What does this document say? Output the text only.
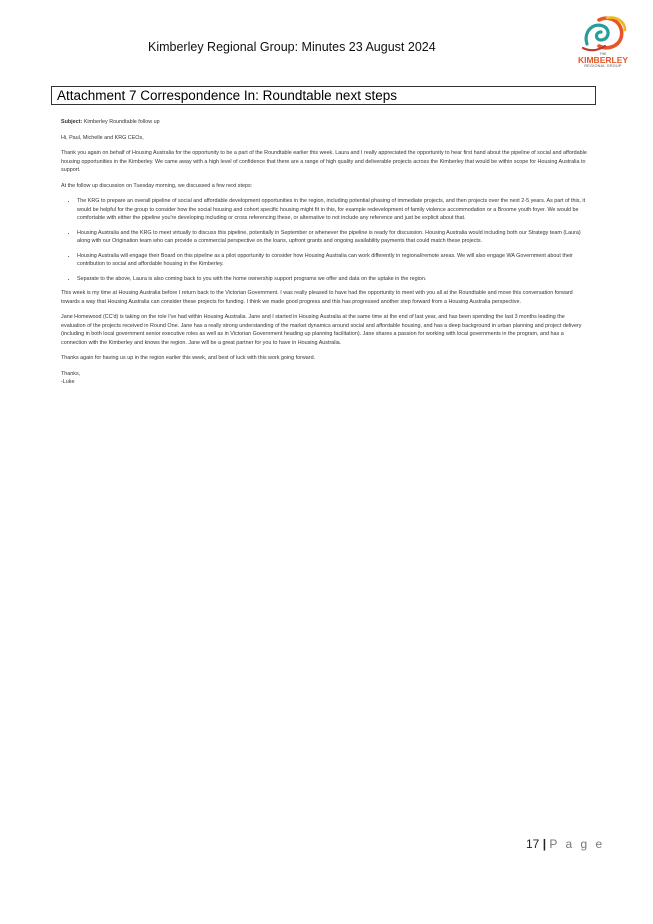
Kimberley Regional Group: Minutes 23 August 2024	THE
KIMBERLEY
REGIONAL GROUP
Attachment 7 Correspondence In: Roundtable next steps

Subject: Kimberley Roundtable follow up

Hi, Paul, Michelle and KRG CEOs,

Thank you again on behalf of Housing Australia for the opportunity to be a part of the Roundtable earlier this week. Laura and I really appreciated the opportunity to hear first hand about the pipeline of social and affordable housing opportunities in the Kimberley. We came away with a high level of confidence that there are a range of high quality and deliverable projects across the Kimberley that would be within scope for Housing Australia to support.

At the follow up discussion on Tuesday morning, we discussed a few next steps:

• The KRG to prepare an overall pipeline of social and affordable development opportunities in the region, including potential phasing of immediate projects, and then projects over the next 2-5 years. As part of this, it would be helpful for the group to consider how the social housing and cohort specific housing might fit in this, for example redevelopment of family violence accommodation or a Broome youth foyer. We would be comfortable with either the pipeline you're developing including or cross referencing these, or alternative to not include any reference and just be explicit about that.
• Housing Australia and the KRG to meet virtually to discuss this pipeline, potentially in September or whenever the pipeline is ready for discussion. Housing Australia would including both our Strategy team (Laura) along with our Origination team who can provide a commercial perspective on the loans, upfront grants and ongoing availability payments that could match these projects.
• Housing Australia will engage their Board on this pipeline as a pilot opportunity to consider how Housing Australia can work differently in regional/remote areas. We will also engage WA Government about their contribution to social and affordable housing in the Kimberley.
• Separate to the above, Laura is also coming back to you with the home ownership support programs we offer and data on the uptake in the region.

This week is my time at Housing Australia before I return back to the Victorian Government. I was really pleased to have had the opportunity to meet with you all at the Roundtable and move this conversation forward towards a way that Housing Australia can consider these projects for funding. I think we made good progress and this has progressed another step forward from a Housing Australia perspective.

Jane Homewood (CC'd) is taking on the role I've had within Housing Australia. Jane and I started in Housing Australia at the same time at the end of last year, and has been spending the last 3 months leading the evaluation of the projects received in Round One. Jane has a really strong understanding of the market dynamics around social and affordable housing, and has a deep background in urban planning and project delivery (including in both local government senior executive roles as well as in Victorian Government heading up planning facilitation). Jane shares a passion for working with local governments in the program, and has a connection with the Kimberley and knows the region. Jane will be a great partner for you to have in Housing Australia.

Thanks again for having us up in the region earlier this week, and best of luck with this work going forward.

Thanks,
-Luke
17 | P a g e
